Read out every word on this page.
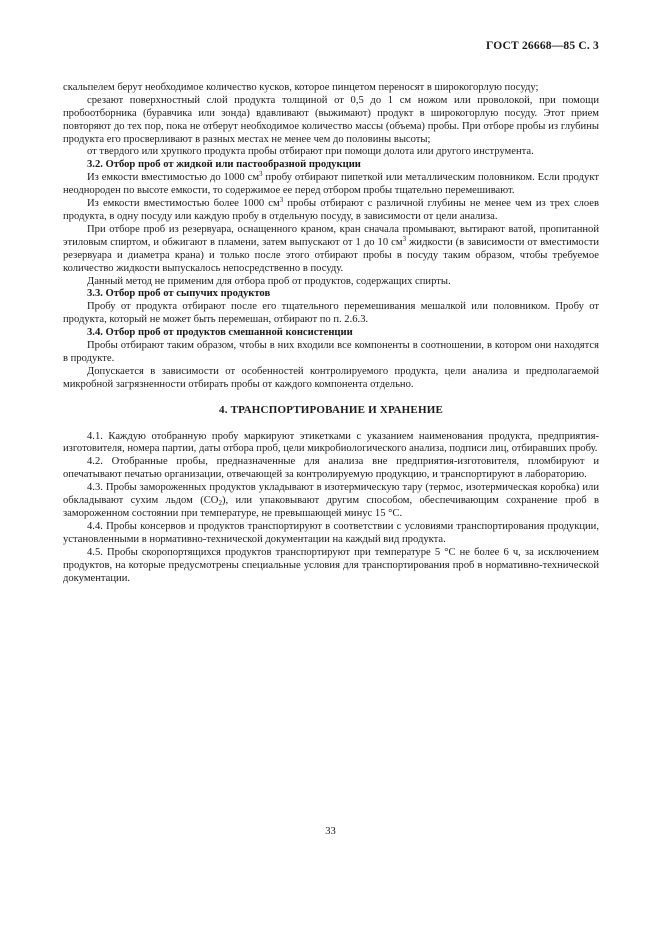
ГОСТ 26668—85 С. 3

скальпелем берут необходимое количество кусков, которое пинцетом переносят в широкогорлую посуду;

срезают поверхностный слой продукта толщиной от 0,5 до 1 см ножом или проволокой, при помощи пробоотборника (буравчика или зонда) вдавливают (выжимают) продукт в широкогорлую посуду. Этот прием повторяют до тех пор, пока не отберут необходимое количество массы (объема) пробы. При отборе пробы из глубины продукта его просверливают в разных местах не менее чем до половины высоты;

от твердого или хрупкого продукта пробы отбирают при помощи долота или другого инструмента.

3.2. Отбор проб от жидкой или пастообразной продукции

Из емкости вместимостью до 1000 $см^3$ пробу отбирают пипеткой или металлическим половником. Если продукт неоднороден по высоте емкости, то содержимое ее перед отбором пробы тщательно перемешивают.

Из емкости вместимостью более 1000 $см^3$ пробы отбирают с различной глубины не менее чем из трех слоев продукта, в одну посуду или каждую пробу в отдельную посуду, в зависимости от цели анализа.

При отборе проб из резервуара, оснащенного краном, кран сначала промывают, вытирают ватой, пропитанной этиловым спиртом, и обжигают в пламени, затем выпускают от 1 до 10 $см^3$ жидкости (в зависимости от вместимости резервуара и диаметра крана) и только после этого отбирают пробы в посуду таким образом, чтобы требуемое количество жидкости выпускалось непосредственно в посуду.

Данный метод не применим для отбора проб от продуктов, содержащих спирты.

3.3. Отбор проб от сыпучих продуктов

Пробу от продукта отбирают после его тщательного перемешивания мешалкой или половником. Пробу от продукта, который не может быть перемешан, отбирают по п. 2.6.3.

3.4. Отбор проб от продуктов смешанной консистенции

Пробы отбирают таким образом, чтобы в них входили все компоненты в соотношении, в котором они находятся в продукте.

Допускается в зависимости от особенностей контролируемого продукта, цели анализа и предполагаемой микробной загрязненности отбирать пробы от каждого компонента отдельно.

4. ТРАНСПОРТИРОВАНИЕ И ХРАНЕНИЕ

4.1. Каждую отобранную пробу маркируют этикетками с указанием наименования продукта, предприятия-изготовителя, номера партии, даты отбора проб, цели микробиологического анализа, подписи лиц, отбиравших пробу.

4.2. Отобранные пробы, предназначенные для анализа вне предприятия-изготовителя, пломбируют и опечатывают печатью организации, отвечающей за контролируемую продукцию, и транспортируют в лабораторию.

4.3. Пробы замороженных продуктов укладывают в изотермическую тару (термос, изотермическая коробка) или обкладывают сухим льдом $(CO_2)$, или упаковывают другим способом, обеспечивающим сохранение проб в замороженном состоянии при температуре, не превышающей минус 15 °С.

4.4. Пробы консервов и продуктов транспортируют в соответствии с условиями транспортирования продукции, установленными в нормативно-технической документации на каждый вид продукта.

4.5. Пробы скоропортящихся продуктов транспортируют при температуре 5 °С не более 6 ч, за исключением продуктов, на которые предусмотрены специальные условия для транспортирования проб в нормативно-технической документации.

33
